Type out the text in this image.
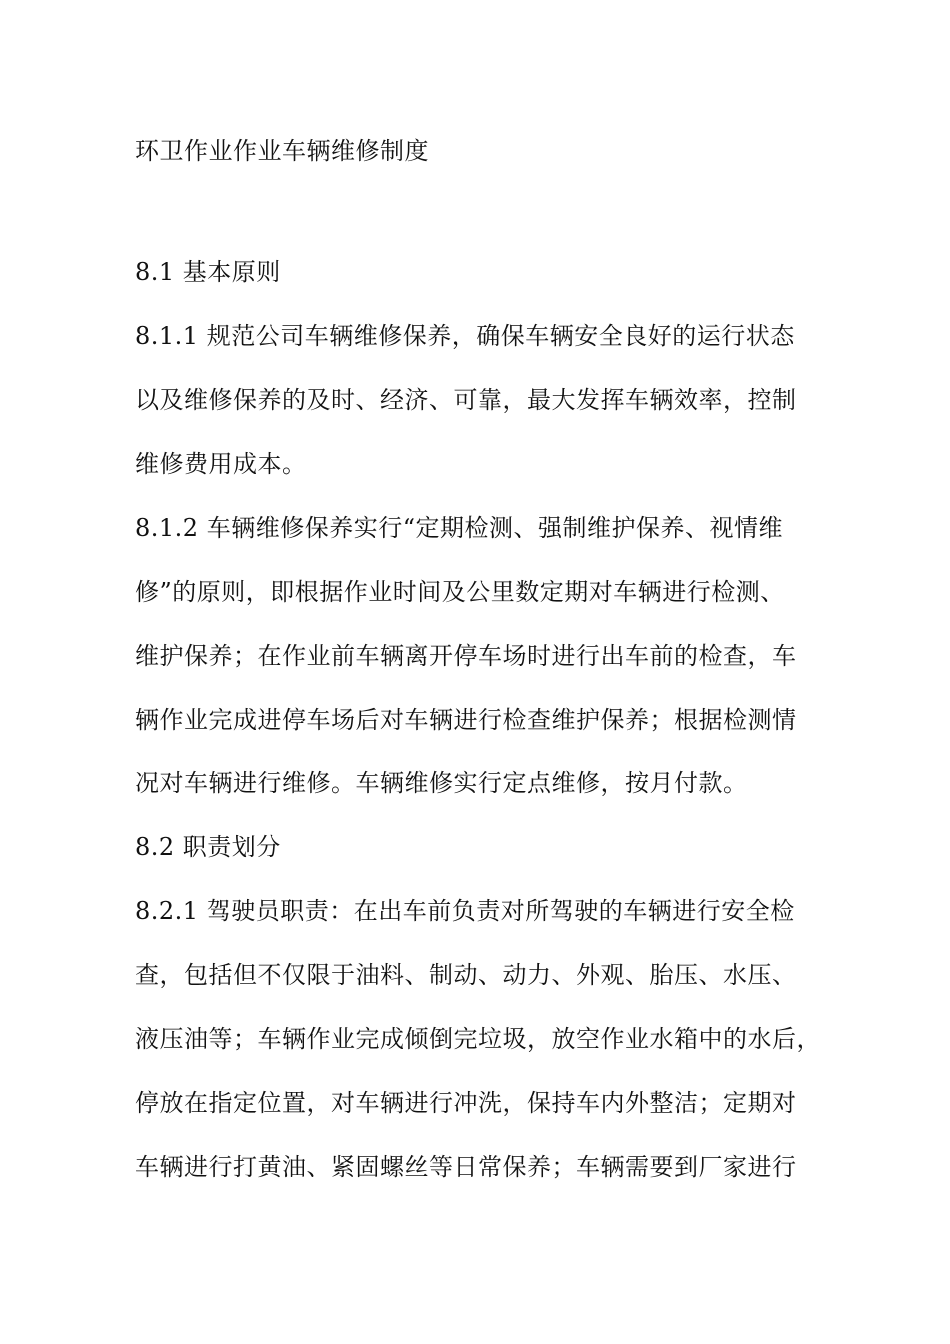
环卫作业作业车辆维修制度
8.1 基本原则
8.1.1 规范公司车辆维修保养，确保车辆安全良好的运行状态
以及维修保养的及时、经济、可靠，最大发挥车辆效率，控制
维修费用成本。
8.1.2 车辆维修保养实行“定期检测、强制维护保养、视情维
修”的原则，即根据作业时间及公里数定期对车辆进行检测、
维护保养；在作业前车辆离开停车场时进行出车前的检查，车
辆作业完成进停车场后对车辆进行检查维护保养；根据检测情
况对车辆进行维修。车辆维修实行定点维修，按月付款。
8.2 职责划分
8.2.1 驾驶员职责：在出车前负责对所驾驶的车辆进行安全检
查，包括但不仅限于油料、制动、动力、外观、胎压、水压、
液压油等；车辆作业完成倾倒完垃圾，放空作业水箱中的水后，
停放在指定位置，对车辆进行冲洗，保持车内外整洁；定期对
车辆进行打黄油、紧固螺丝等日常保养；车辆需要到厂家进行
